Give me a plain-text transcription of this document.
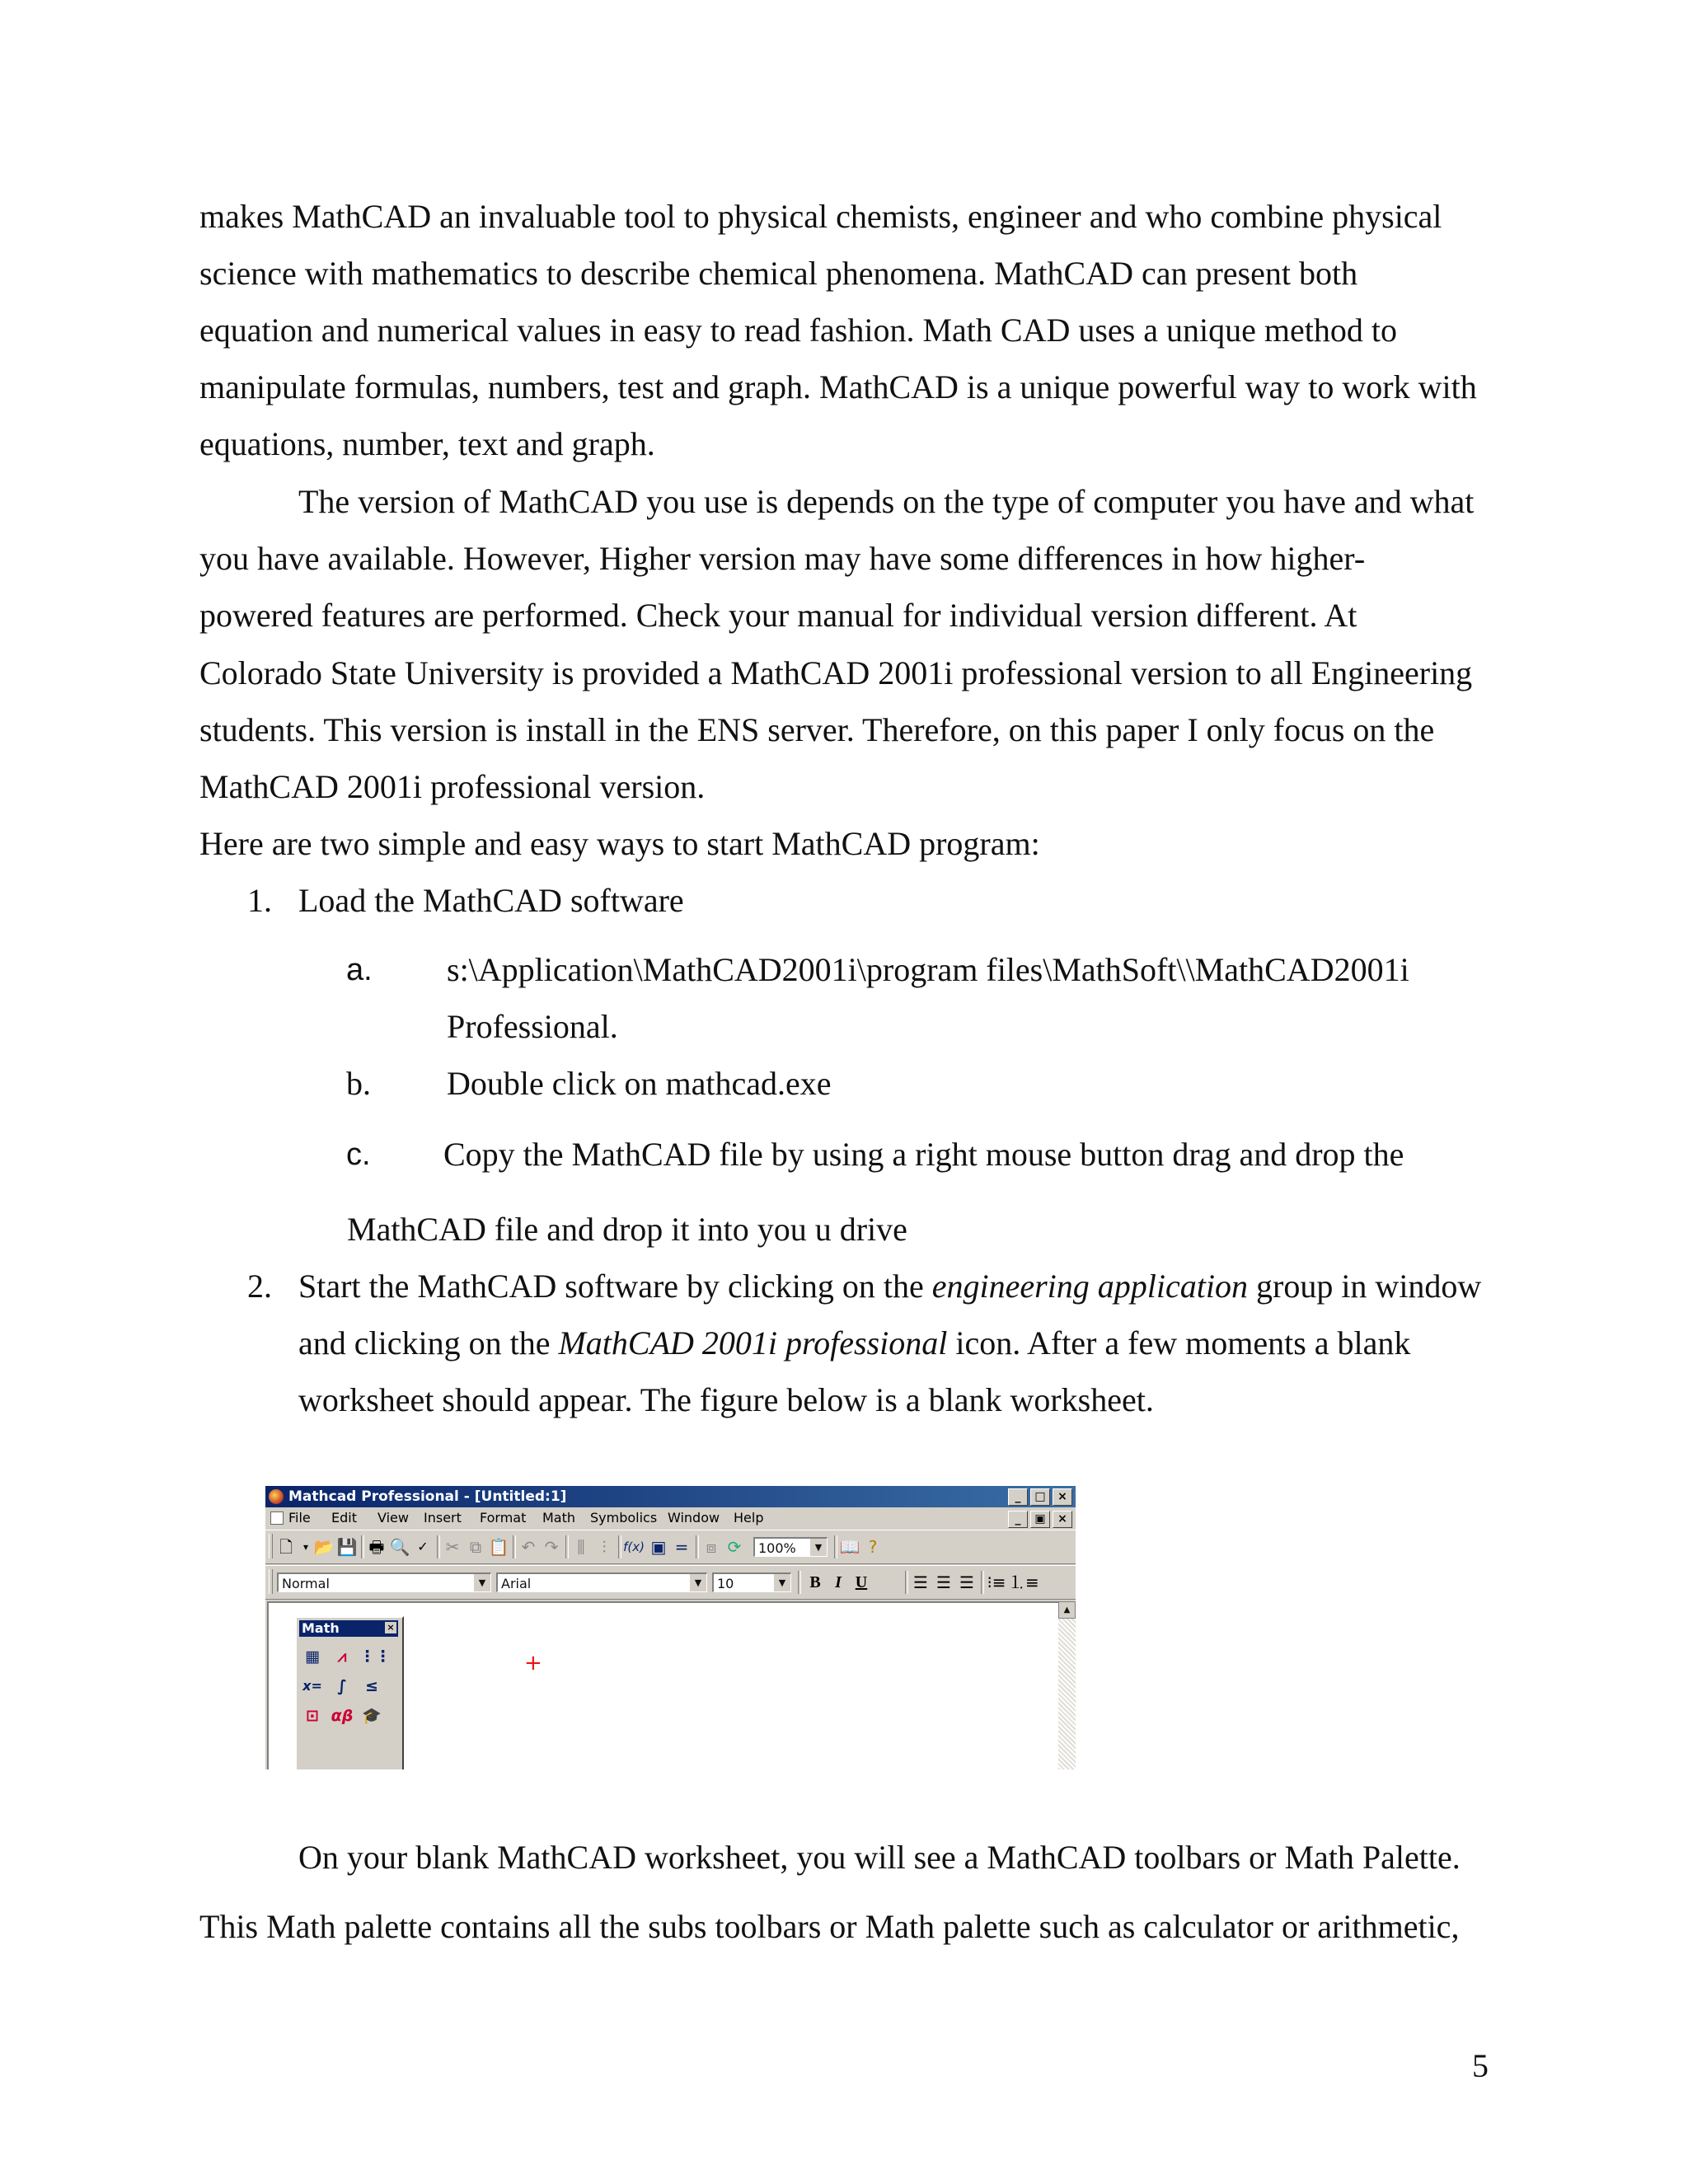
makes MathCAD an invaluable tool to physical chemists, engineer and who combine physical
science with mathematics to describe chemical phenomena. MathCAD can present both
equation and numerical values in easy to read fashion. Math CAD uses a unique method to
manipulate formulas, numbers, test and graph. MathCAD is a unique powerful way to work with
equations, number, text and graph.
The version of MathCAD you use is depends on the type of computer you have and what
you have available. However, Higher version may have some differences in how higher-
powered features are performed. Check your manual for individual version different. At
Colorado State University is provided a MathCAD 2001i professional version to all Engineering
students. This version is install in the ENS server. Therefore, on this paper I only focus on the
MathCAD 2001i professional version.
Here are two simple and easy ways to start MathCAD program:
1. Load the MathCAD software
a. s:\Application\MathCAD2001i\program files\MathSoft\\MathCAD2001i
Professional.
b. Double click on mathcad.exe
c. Copy the MathCAD file by using a right mouse button drag and drop the
MathCAD file and drop it into you u drive
2. Start the MathCAD software by clicking on the engineering application group in window
and clicking on the MathCAD 2001i professional icon. After a few moments a blank
worksheet should appear. The figure below is a blank worksheet.
Mathcad Professional - [Untitled:1]	_	□	×
File Edit View Insert Format Math Symbolics Window Help	_	▣	×
🗋	▾ 📂 💾 🖶 🔍 ✓	✂ ⧉ 📋 ↶ ↷	⫼	⫶	f(x) ▣ =	⧈ ⟳	100%	▼ 📖 ?
Normal	▼	Arial	▼	10	▼	B I U	☰ ☰ ☰ ⁝≡ ⒈≡
Math	×
▦	⩘ ⋮⋮
x= ∫	≤
⊡ αβ 🎓
+
▲
On your blank MathCAD worksheet, you will see a MathCAD toolbars or Math Palette.
This Math palette contains all the subs toolbars or Math palette such as calculator or arithmetic,
5
